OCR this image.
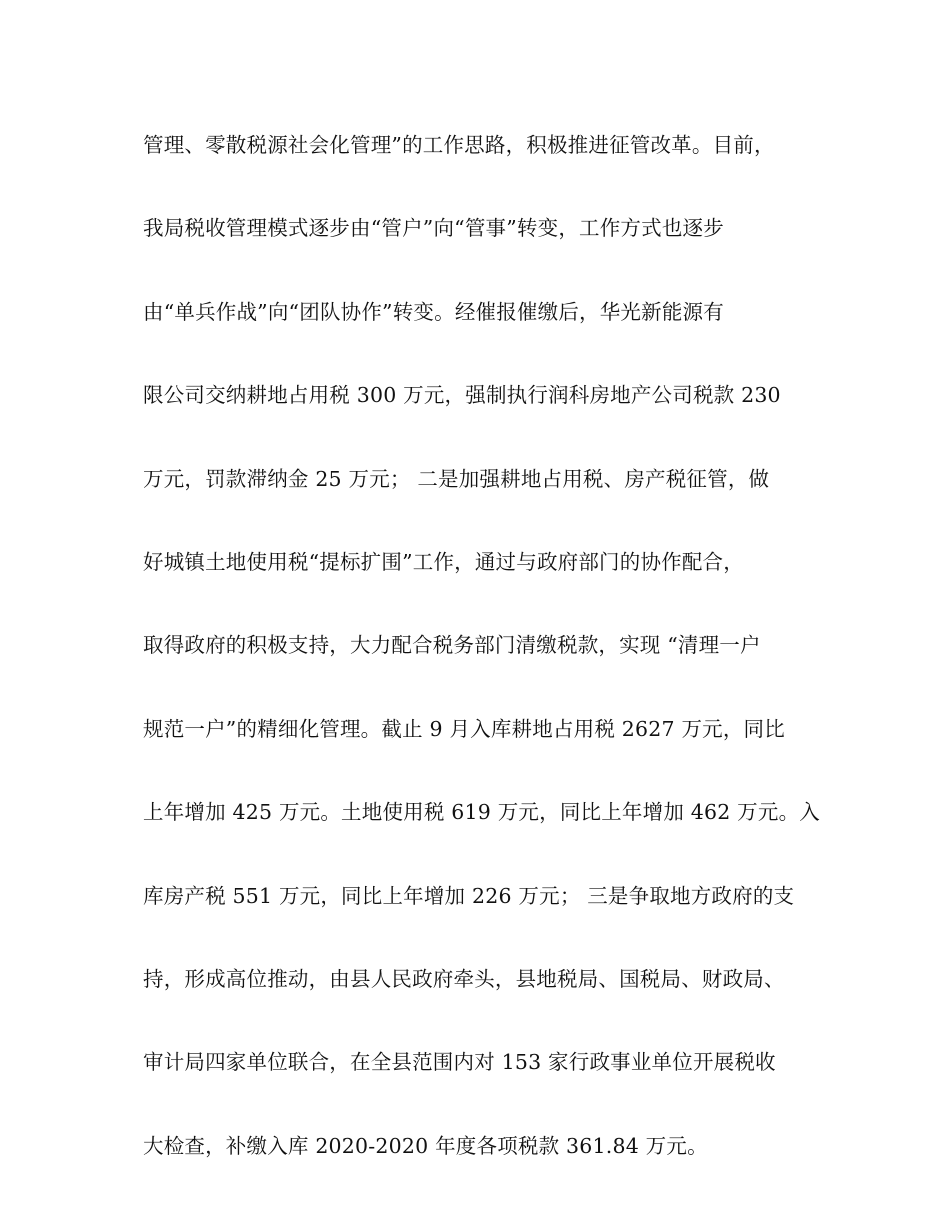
管理、零散税源社会化管理”的工作思路，积极推进征管改革。目前，
我局税收管理模式逐步由“管户”向“管事”转变，工作方式也逐步
由“单兵作战”向“团队协作”转变。经催报催缴后，华光新能源有
限公司交纳耕地占用税 300 万元，强制执行润科房地产公司税款 230
万元，罚款滞纳金 25 万元； 二是加强耕地占用税、房产税征管，做
好城镇土地使用税“提标扩围”工作，通过与政府部门的协作配合，
取得政府的积极支持，大力配合税务部门清缴税款，实现 “清理一户
规范一户”的精细化管理。截止 9 月入库耕地占用税 2627 万元，同比
上年增加 425 万元。土地使用税 619 万元，同比上年增加 462 万元。入
库房产税 551 万元，同比上年增加 226 万元； 三是争取地方政府的支
持，形成高位推动，由县人民政府牵头，县地税局、国税局、财政局、
审计局四家单位联合，在全县范围内对 153 家行政事业单位开展税收
大检查，补缴入库 2020-2020 年度各项税款 361.84 万元。
